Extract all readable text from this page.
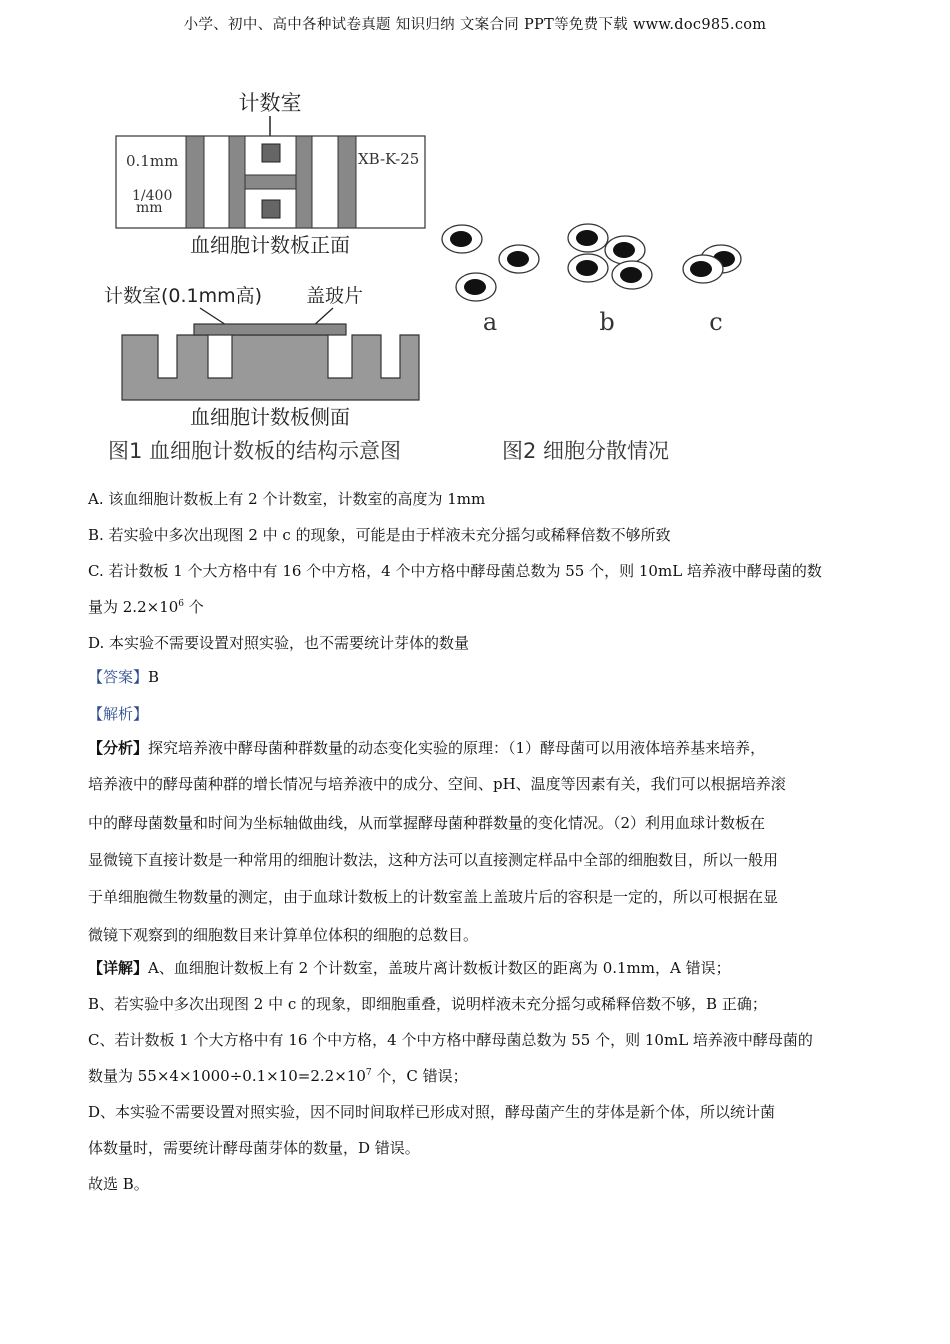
小学、初中、高中各种试卷真题 知识归纳 文案合同 PPT等免费下载 www.doc985.com
计数室
0.1mm
1/400
mm
XB-K-25
血细胞计数板正面
计数室(0.1mm高) 盖玻片
血细胞计数板侧面
图1 血细胞计数板的结构示意图
a	b	c
图2 细胞分散情况
A. 该血细胞计数板上有 2 个计数室，计数室的高度为 1mm
B. 若实验中多次出现图 2 中 c 的现象，可能是由于样液未充分摇匀或稀释倍数不够所致
C. 若计数板 1 个大方格中有 16 个中方格，4 个中方格中酵母菌总数为 55 个，则 10mL 培养液中酵母菌的数
量为 $2.2\times 10^6$ 个
D. 本实验不需要设置对照实验，也不需要统计芽体的数量
【答案】B
【解析】
【分析】探究培养液中酵母菌种群数量的动态变化实验的原理：（1）酵母菌可以用液体培养基来培养，
培养液中的酵母菌种群的增长情况与培养液中的成分、空间、pH、温度等因素有关，我们可以根据培养滚
中的酵母菌数量和时间为坐标轴做曲线，从而掌握酵母菌种群数量的变化情况。（2）利用血球计数板在
显微镜下直接计数是一种常用的细胞计数法，这种方法可以直接测定样品中全部的细胞数目，所以一般用
于单细胞微生物数量的测定，由于血球计数板上的计数室盖上盖玻片后的容积是一定的，所以可根据在显
微镜下观察到的细胞数目来计算单位体积的细胞的总数目。
【详解】A、血细胞计数板上有 2 个计数室，盖玻片离计数板计数区的距离为 0.1mm，A 错误；
B、若实验中多次出现图 2 中 c 的现象，即细胞重叠，说明样液未充分摇匀或稀释倍数不够，B 正确；
C、若计数板 1 个大方格中有 16 个中方格，4 个中方格中酵母菌总数为 55 个，则 10mL 培养液中酵母菌的
数量为 $55\times 4\times 1000\div 0.1\times 10=2.2\times 10^7$ 个，C 错误；
D、本实验不需要设置对照实验，因不同时间取样已形成对照，酵母菌产生的芽体是新个体，所以统计菌
体数量时，需要统计酵母菌芽体的数量，D 错误。
故选 B。
